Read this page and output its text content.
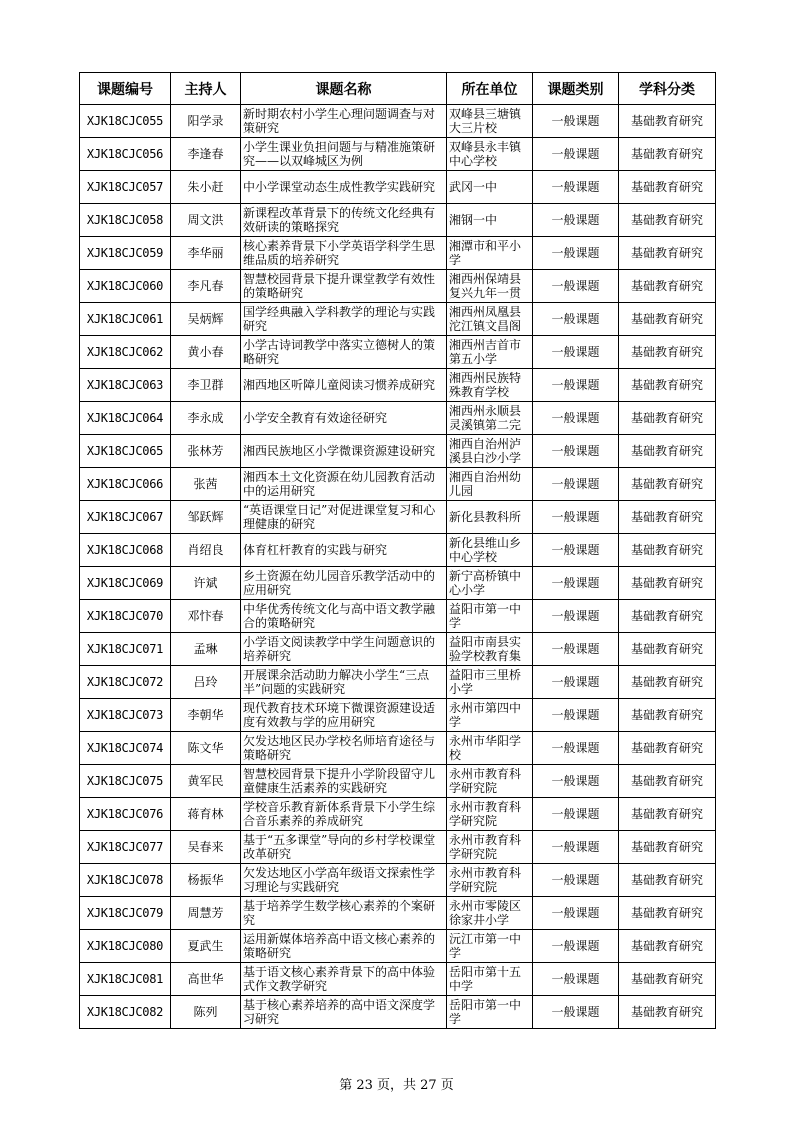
课题编号	主持人	课题名称	所在单位	课题类别	学科分类
XJK18CJC055	阳学录	新时期农村小学生心理问题调查与对策研究	双峰县三塘镇大三片校	一般课题	基础教育研究
XJK18CJC056	李逢春	小学生课业负担问题与与精准施策研究——以双峰城区为例	双峰县永丰镇中心学校	一般课题	基础教育研究
XJK18CJC057	朱小赶	中小学课堂动态生成性教学实践研究	武冈一中	一般课题	基础教育研究
XJK18CJC058	周文洪	新课程改革背景下的传统文化经典有效研读的策略探究	湘钢一中	一般课题	基础教育研究
XJK18CJC059	李华丽	核心素养背景下小学英语学科学生思维品质的培养研究	湘潭市和平小学	一般课题	基础教育研究
XJK18CJC060	李凡春	智慧校园背景下提升课堂教学有效性的策略研究	湘西州保靖县复兴九年一贯	一般课题	基础教育研究
XJK18CJC061	吴炳辉	国学经典融入学科教学的理论与实践研究	湘西州凤凰县沱江镇文昌阁	一般课题	基础教育研究
XJK18CJC062	黄小春	小学古诗词教学中落实立德树人的策略研究	湘西州吉首市第五小学	一般课题	基础教育研究
XJK18CJC063	李卫群	湘西地区听障儿童阅读习惯养成研究	湘西州民族特殊教育学校	一般课题	基础教育研究
XJK18CJC064	李永成	小学安全教育有效途径研究	湘西州永顺县灵溪镇第二完	一般课题	基础教育研究
XJK18CJC065	张林芳	湘西民族地区小学微课资源建设研究	湘西自治州泸溪县白沙小学	一般课题	基础教育研究
XJK18CJC066	张茜	湘西本土文化资源在幼儿园教育活动中的运用研究	湘西自治州幼儿园	一般课题	基础教育研究
XJK18CJC067	邹跃辉	“英语课堂日记”对促进课堂复习和心理健康的研究	新化县教科所	一般课题	基础教育研究
XJK18CJC068	肖绍良	体育杠杆教育的实践与研究	新化县维山乡中心学校	一般课题	基础教育研究
XJK18CJC069	许斌	乡土资源在幼儿园音乐教学活动中的应用研究	新宁高桥镇中心小学	一般课题	基础教育研究
XJK18CJC070	邓忭春	中华优秀传统文化与高中语文教学融合的策略研究	益阳市第一中学	一般课题	基础教育研究
XJK18CJC071	孟琳	小学语文阅读教学中学生问题意识的培养研究	益阳市南县实验学校教育集	一般课题	基础教育研究
XJK18CJC072	吕玲	开展课余活动助力解决小学生“三点半”问题的实践研究	益阳市三里桥小学	一般课题	基础教育研究
XJK18CJC073	李朝华	现代教育技术环境下微课资源建设适度有效教与学的应用研究	永州市第四中学	一般课题	基础教育研究
XJK18CJC074	陈文华	欠发达地区民办学校名师培育途径与策略研究	永州市华阳学校	一般课题	基础教育研究
XJK18CJC075	黄军民	智慧校园背景下提升小学阶段留守儿童健康生活素养的实践研究	永州市教育科学研究院	一般课题	基础教育研究
XJK18CJC076	蒋育林	学校音乐教育新体系背景下小学生综合音乐素养的养成研究	永州市教育科学研究院	一般课题	基础教育研究
XJK18CJC077	吴春来	基于“五多课堂”导向的乡村学校课堂改革研究	永州市教育科学研究院	一般课题	基础教育研究
XJK18CJC078	杨振华	欠发达地区小学高年级语文探索性学习理论与实践研究	永州市教育科学研究院	一般课题	基础教育研究
XJK18CJC079	周慧芳	基于培养学生数学核心素养的个案研究	永州市零陵区徐家井小学	一般课题	基础教育研究
XJK18CJC080	夏武生	运用新媒体培养高中语文核心素养的策略研究	沅江市第一中学	一般课题	基础教育研究
XJK18CJC081	高世华	基于语文核心素养背景下的高中体验式作文教学研究	岳阳市第十五中学	一般课题	基础教育研究
XJK18CJC082	陈列	基于核心素养培养的高中语文深度学习研究	岳阳市第一中学	一般课题	基础教育研究
第 23 页，共 27 页
